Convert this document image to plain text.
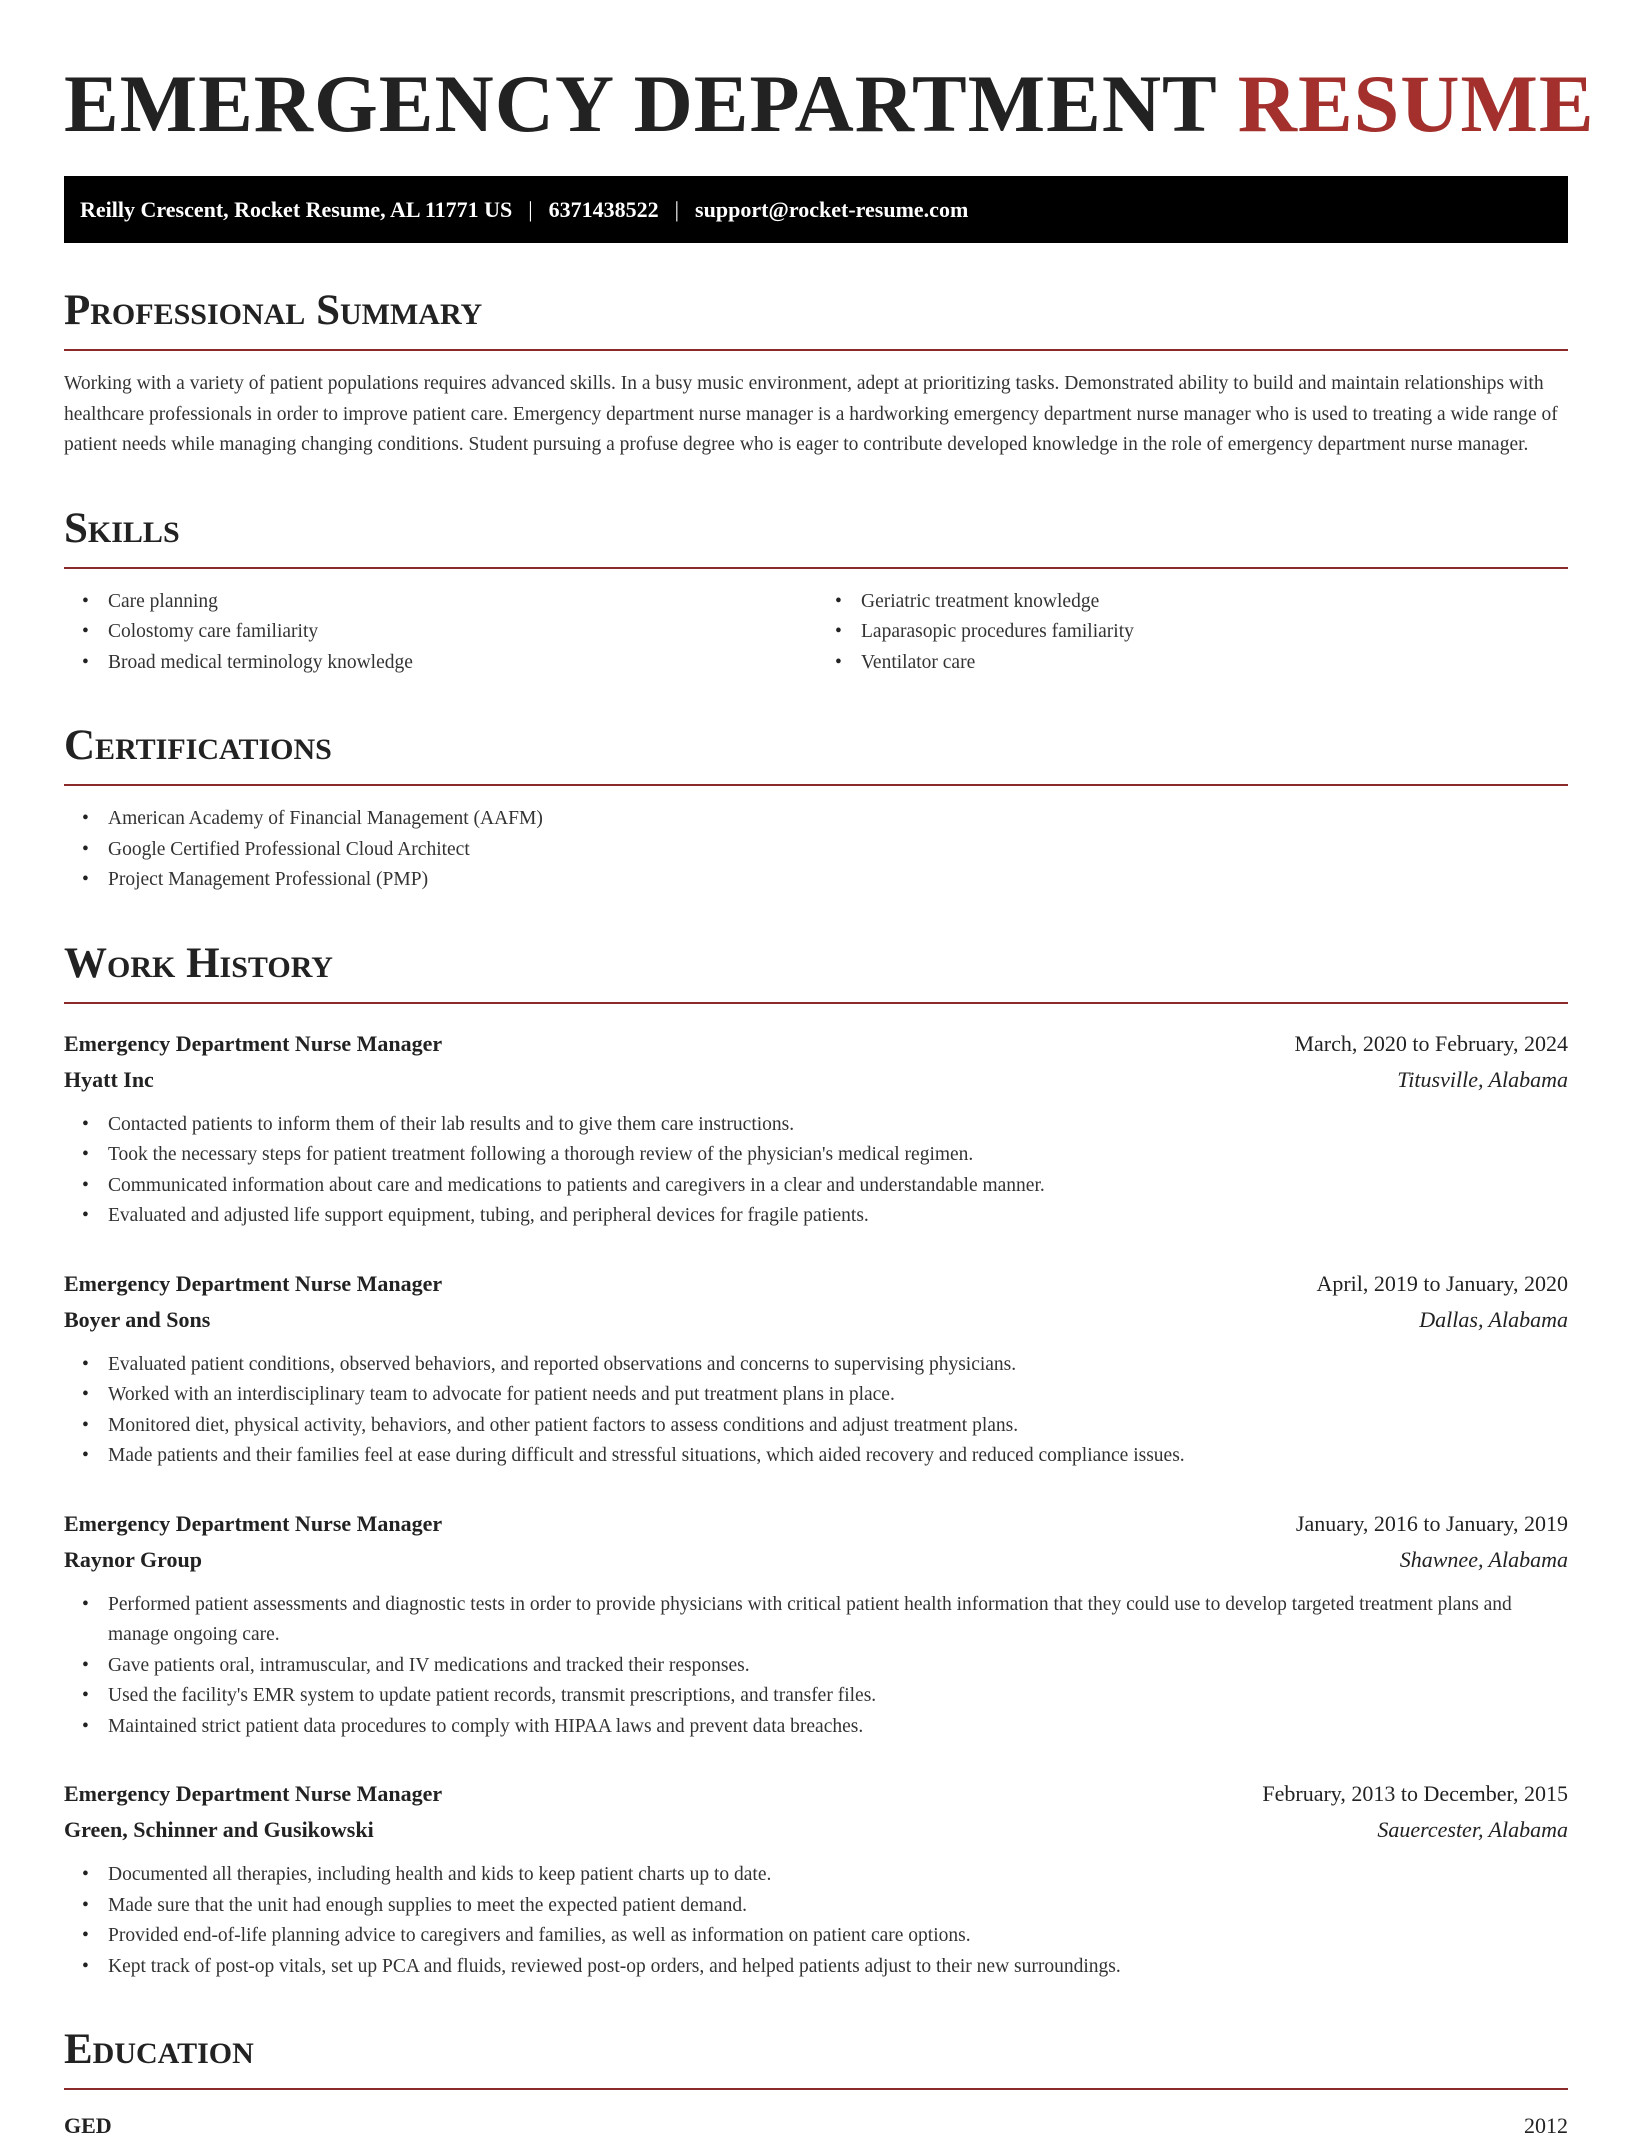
EMERGENCY DEPARTMENT RESUME
Reilly Crescent, Rocket Resume, AL 11771 US | 6371438522 | support@rocket-resume.com
Professional Summary

Working with a variety of patient populations requires advanced skills. In a busy music environment, adept at prioritizing tasks. Demonstrated ability to build and maintain relationships with healthcare professionals in order to improve patient care. Emergency department nurse manager is a hardworking emergency department nurse manager who is used to treating a wide range of patient needs while managing changing conditions. Student pursuing a profuse degree who is eager to contribute developed knowledge in the role of emergency department nurse manager.

Skills
• Care planning
• Colostomy care familiarity
• Broad medical terminology knowledge
• Geriatric treatment knowledge
• Laparasopic procedures familiarity
• Ventilator care
Certifications
• American Academy of Financial Management (AAFM)
• Google Certified Professional Cloud Architect
• Project Management Professional (PMP)
Work History
Emergency Department Nurse Manager	March, 2020 to February, 2024
Hyatt Inc	Titusville, Alabama
• Contacted patients to inform them of their lab results and to give them care instructions.
• Took the necessary steps for patient treatment following a thorough review of the physician's medical regimen.
• Communicated information about care and medications to patients and caregivers in a clear and understandable manner.
• Evaluated and adjusted life support equipment, tubing, and peripheral devices for fragile patients.
Emergency Department Nurse Manager	April, 2019 to January, 2020
Boyer and Sons	Dallas, Alabama
• Evaluated patient conditions, observed behaviors, and reported observations and concerns to supervising physicians.
• Worked with an interdisciplinary team to advocate for patient needs and put treatment plans in place.
• Monitored diet, physical activity, behaviors, and other patient factors to assess conditions and adjust treatment plans.
• Made patients and their families feel at ease during difficult and stressful situations, which aided recovery and reduced compliance issues.
Emergency Department Nurse Manager	January, 2016 to January, 2019
Raynor Group	Shawnee, Alabama
• Performed patient assessments and diagnostic tests in order to provide physicians with critical patient health information that they could use to develop targeted treatment plans and manage ongoing care.
• Gave patients oral, intramuscular, and IV medications and tracked their responses.
• Used the facility's EMR system to update patient records, transmit prescriptions, and transfer files.
• Maintained strict patient data procedures to comply with HIPAA laws and prevent data breaches.
Emergency Department Nurse Manager	February, 2013 to December, 2015
Green, Schinner and Gusikowski	Sauercester, Alabama
• Documented all therapies, including health and kids to keep patient charts up to date.
• Made sure that the unit had enough supplies to meet the expected patient demand.
• Provided end-of-life planning advice to caregivers and families, as well as information on patient care options.
• Kept track of post-op vitals, set up PCA and fluids, reviewed post-op orders, and helped patients adjust to their new surroundings.
Education
GED	2012
